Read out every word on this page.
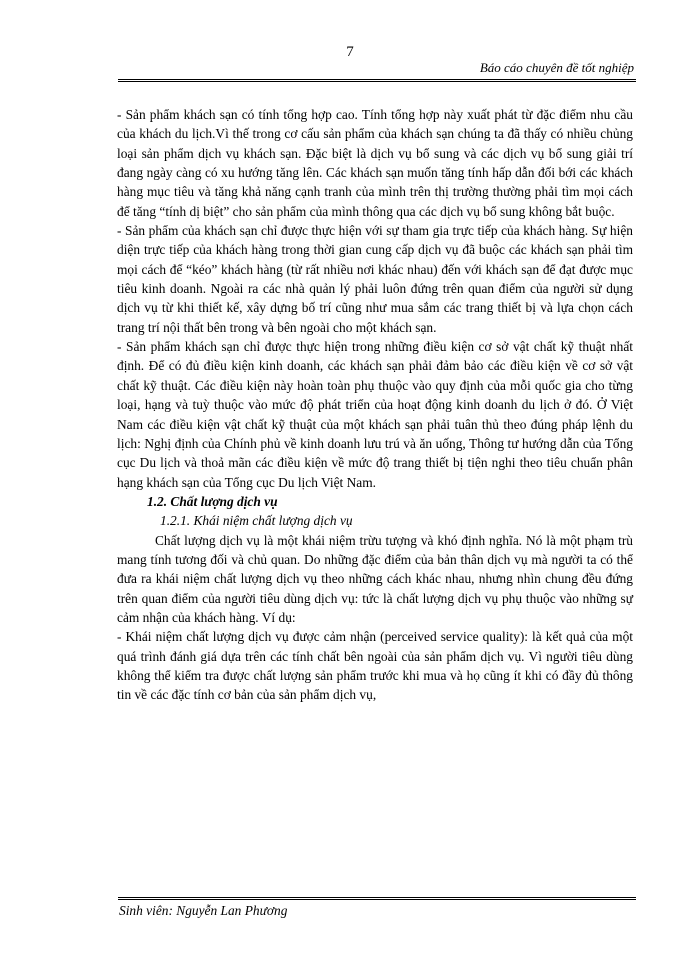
7
Báo cáo chuyên đề tốt nghiệp

- Sản phẩm khách sạn có tính tổng hợp cao. Tính tổng hợp này xuất phát từ đặc điểm nhu cầu của khách du lịch.Vì thế trong cơ cấu sản phẩm của khách sạn chúng ta đã thấy có nhiều chủng loại sản phẩm dịch vụ khách sạn. Đặc biệt là dịch vụ bổ sung và các dịch vụ bổ sung giải trí đang ngày càng có xu hướng tăng lên. Các khách sạn muốn tăng tính hấp dẫn đối bới các khách hàng mục tiêu và tăng khả năng cạnh tranh của mình trên thị trường thường phải tìm mọi cách để tăng “tính dị biệt” cho sản phẩm của mình thông qua các dịch vụ bổ sung không bắt buộc.

- Sản phẩm của khách sạn chỉ được thực hiện với sự tham gia trực tiếp của khách hàng. Sự hiện diện trực tiếp của khách hàng trong thời gian cung cấp dịch vụ đã buộc các khách sạn phải tìm mọi cách để “kéo” khách hàng (từ rất nhiều nơi khác nhau) đến với khách sạn để đạt được mục tiêu kinh doanh. Ngoài ra các nhà quản lý phải luôn đứng trên quan điểm của người sử dụng dịch vụ từ khi thiết kế, xây dựng bố trí cũng như mua sắm các trang thiết bị và lựa chọn cách trang trí nội thất bên trong và bên ngoài cho một khách sạn.

- Sản phẩm khách sạn chỉ được thực hiện trong những điều kiện cơ sở vật chất kỹ thuật nhất định. Để có đủ điều kiện kinh doanh, các khách sạn phải đảm bảo các điều kiện về cơ sở vật chất kỹ thuật. Các điều kiện này hoàn toàn phụ thuộc vào quy định của mỗi quốc gia cho từng loại, hạng và tuỳ thuộc vào mức độ phát triển của hoạt động kinh doanh du lịch ở đó. Ở Việt Nam các điều kiện vật chất kỹ thuật của một khách sạn phải tuân thủ theo đúng pháp lệnh du lịch: Nghị định của Chính phủ về kinh doanh lưu trú và ăn uống, Thông tư hướng dẫn của Tổng cục Du lịch và thoả mãn các điều kiện về mức độ trang thiết bị tiện nghi theo tiêu chuẩn phân hạng khách sạn của Tổng cục Du lịch Việt Nam.

1.2. Chất lượng dịch vụ

1.2.1. Khái niệm chất lượng dịch vụ

Chất lượng dịch vụ là một khái niệm trừu tượng và khó định nghĩa. Nó là một phạm trù mang tính tương đối và chủ quan. Do những đặc điểm của bản thân dịch vụ mà người ta có thể đưa ra khái niệm chất lượng dịch vụ theo những cách khác nhau, nhưng nhìn chung đều đứng trên quan điểm của người tiêu dùng dịch vụ: tức là chất lượng dịch vụ phụ thuộc vào những sự cảm nhận của khách hàng. Ví dụ:

- Khái niệm chất lượng dịch vụ được cảm nhận (perceived service quality): là kết quả của một quá trình đánh giá dựa trên các tính chất bên ngoài của sản phẩm dịch vụ. Vì người tiêu dùng không thể kiểm tra được chất lượng sản phẩm trước khi mua và họ cũng ít khi có đầy đủ thông tin về các đặc tính cơ bản của sản phẩm dịch vụ,

Sinh viên: Nguyễn Lan Phương
